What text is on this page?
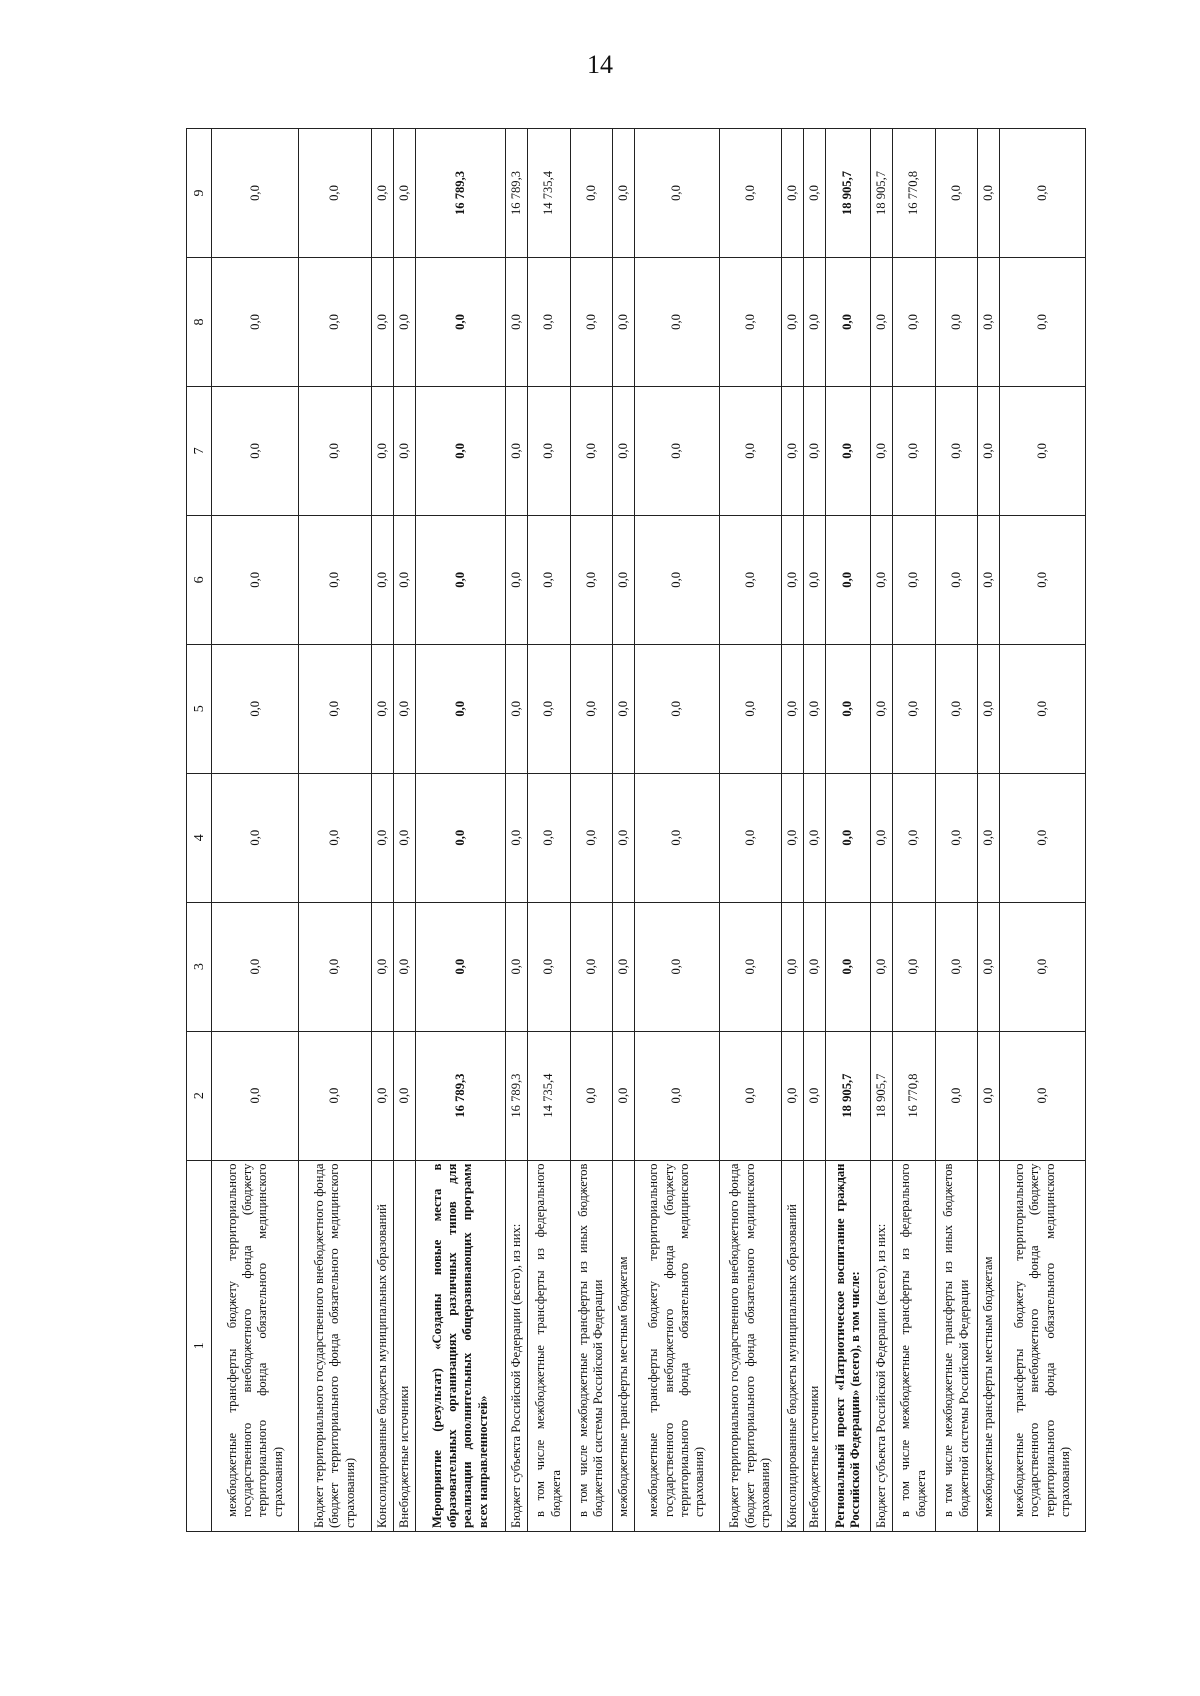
14
1	2	3	4	5	6	7	8	9
межбюджетные трансферты бюджету территориального государственного внебюджетного фонда (бюджету территориального фонда обязательного медицинского страхования)	0,0	0,0	0,0	0,0	0,0	0,0	0,0	0,0
Бюджет территориального государственного внебюджетного фонда (бюджет территориального фонда обязательного медицинского страхования)	0,0	0,0	0,0	0,0	0,0	0,0	0,0	0,0
Консолидированные бюджеты муниципальных образований	0,0	0,0	0,0	0,0	0,0	0,0	0,0	0,0
Внебюджетные источники	0,0	0,0	0,0	0,0	0,0	0,0	0,0	0,0
Мероприятие (результат) «Созданы новые места в образовательных организациях различных типов для реализации дополнительных общеразвивающих программ всех направленностей»	16 789,3	0,0	0,0	0,0	0,0	0,0	0,0	16 789,3
Бюджет субъекта Российской Федерации (всего), из них:	16 789,3	0,0	0,0	0,0	0,0	0,0	0,0	16 789,3
в том числе межбюджетные трансферты из федерального бюджета	14 735,4	0,0	0,0	0,0	0,0	0,0	0,0	14 735,4
в том числе межбюджетные трансферты из иных бюджетов бюджетной системы Российской Федерации	0,0	0,0	0,0	0,0	0,0	0,0	0,0	0,0
межбюджетные трансферты местным бюджетам	0,0	0,0	0,0	0,0	0,0	0,0	0,0	0,0
межбюджетные трансферты бюджету территориального государственного внебюджетного фонда (бюджету территориального фонда обязательного медицинского страхования)	0,0	0,0	0,0	0,0	0,0	0,0	0,0	0,0
Бюджет территориального государственного внебюджетного фонда (бюджет территориального фонда обязательного медицинского страхования)	0,0	0,0	0,0	0,0	0,0	0,0	0,0	0,0
Консолидированные бюджеты муниципальных образований	0,0	0,0	0,0	0,0	0,0	0,0	0,0	0,0
Внебюджетные источники	0,0	0,0	0,0	0,0	0,0	0,0	0,0	0,0
Региональный проект «Патриотическое воспитание граждан Российской Федерации» (всего), в том числе:	18 905,7	0,0	0,0	0,0	0,0	0,0	0,0	18 905,7
Бюджет субъекта Российской Федерации (всего), из них:	18 905,7	0,0	0,0	0,0	0,0	0,0	0,0	18 905,7
в том числе межбюджетные трансферты из федерального бюджета	16 770,8	0,0	0,0	0,0	0,0	0,0	0,0	16 770,8
в том числе межбюджетные трансферты из иных бюджетов бюджетной системы Российской Федерации	0,0	0,0	0,0	0,0	0,0	0,0	0,0	0,0
межбюджетные трансферты местным бюджетам	0,0	0,0	0,0	0,0	0,0	0,0	0,0	0,0
межбюджетные трансферты бюджету территориального государственного внебюджетного фонда (бюджету территориального фонда обязательного медицинского страхования)	0,0	0,0	0,0	0,0	0,0	0,0	0,0	0,0
